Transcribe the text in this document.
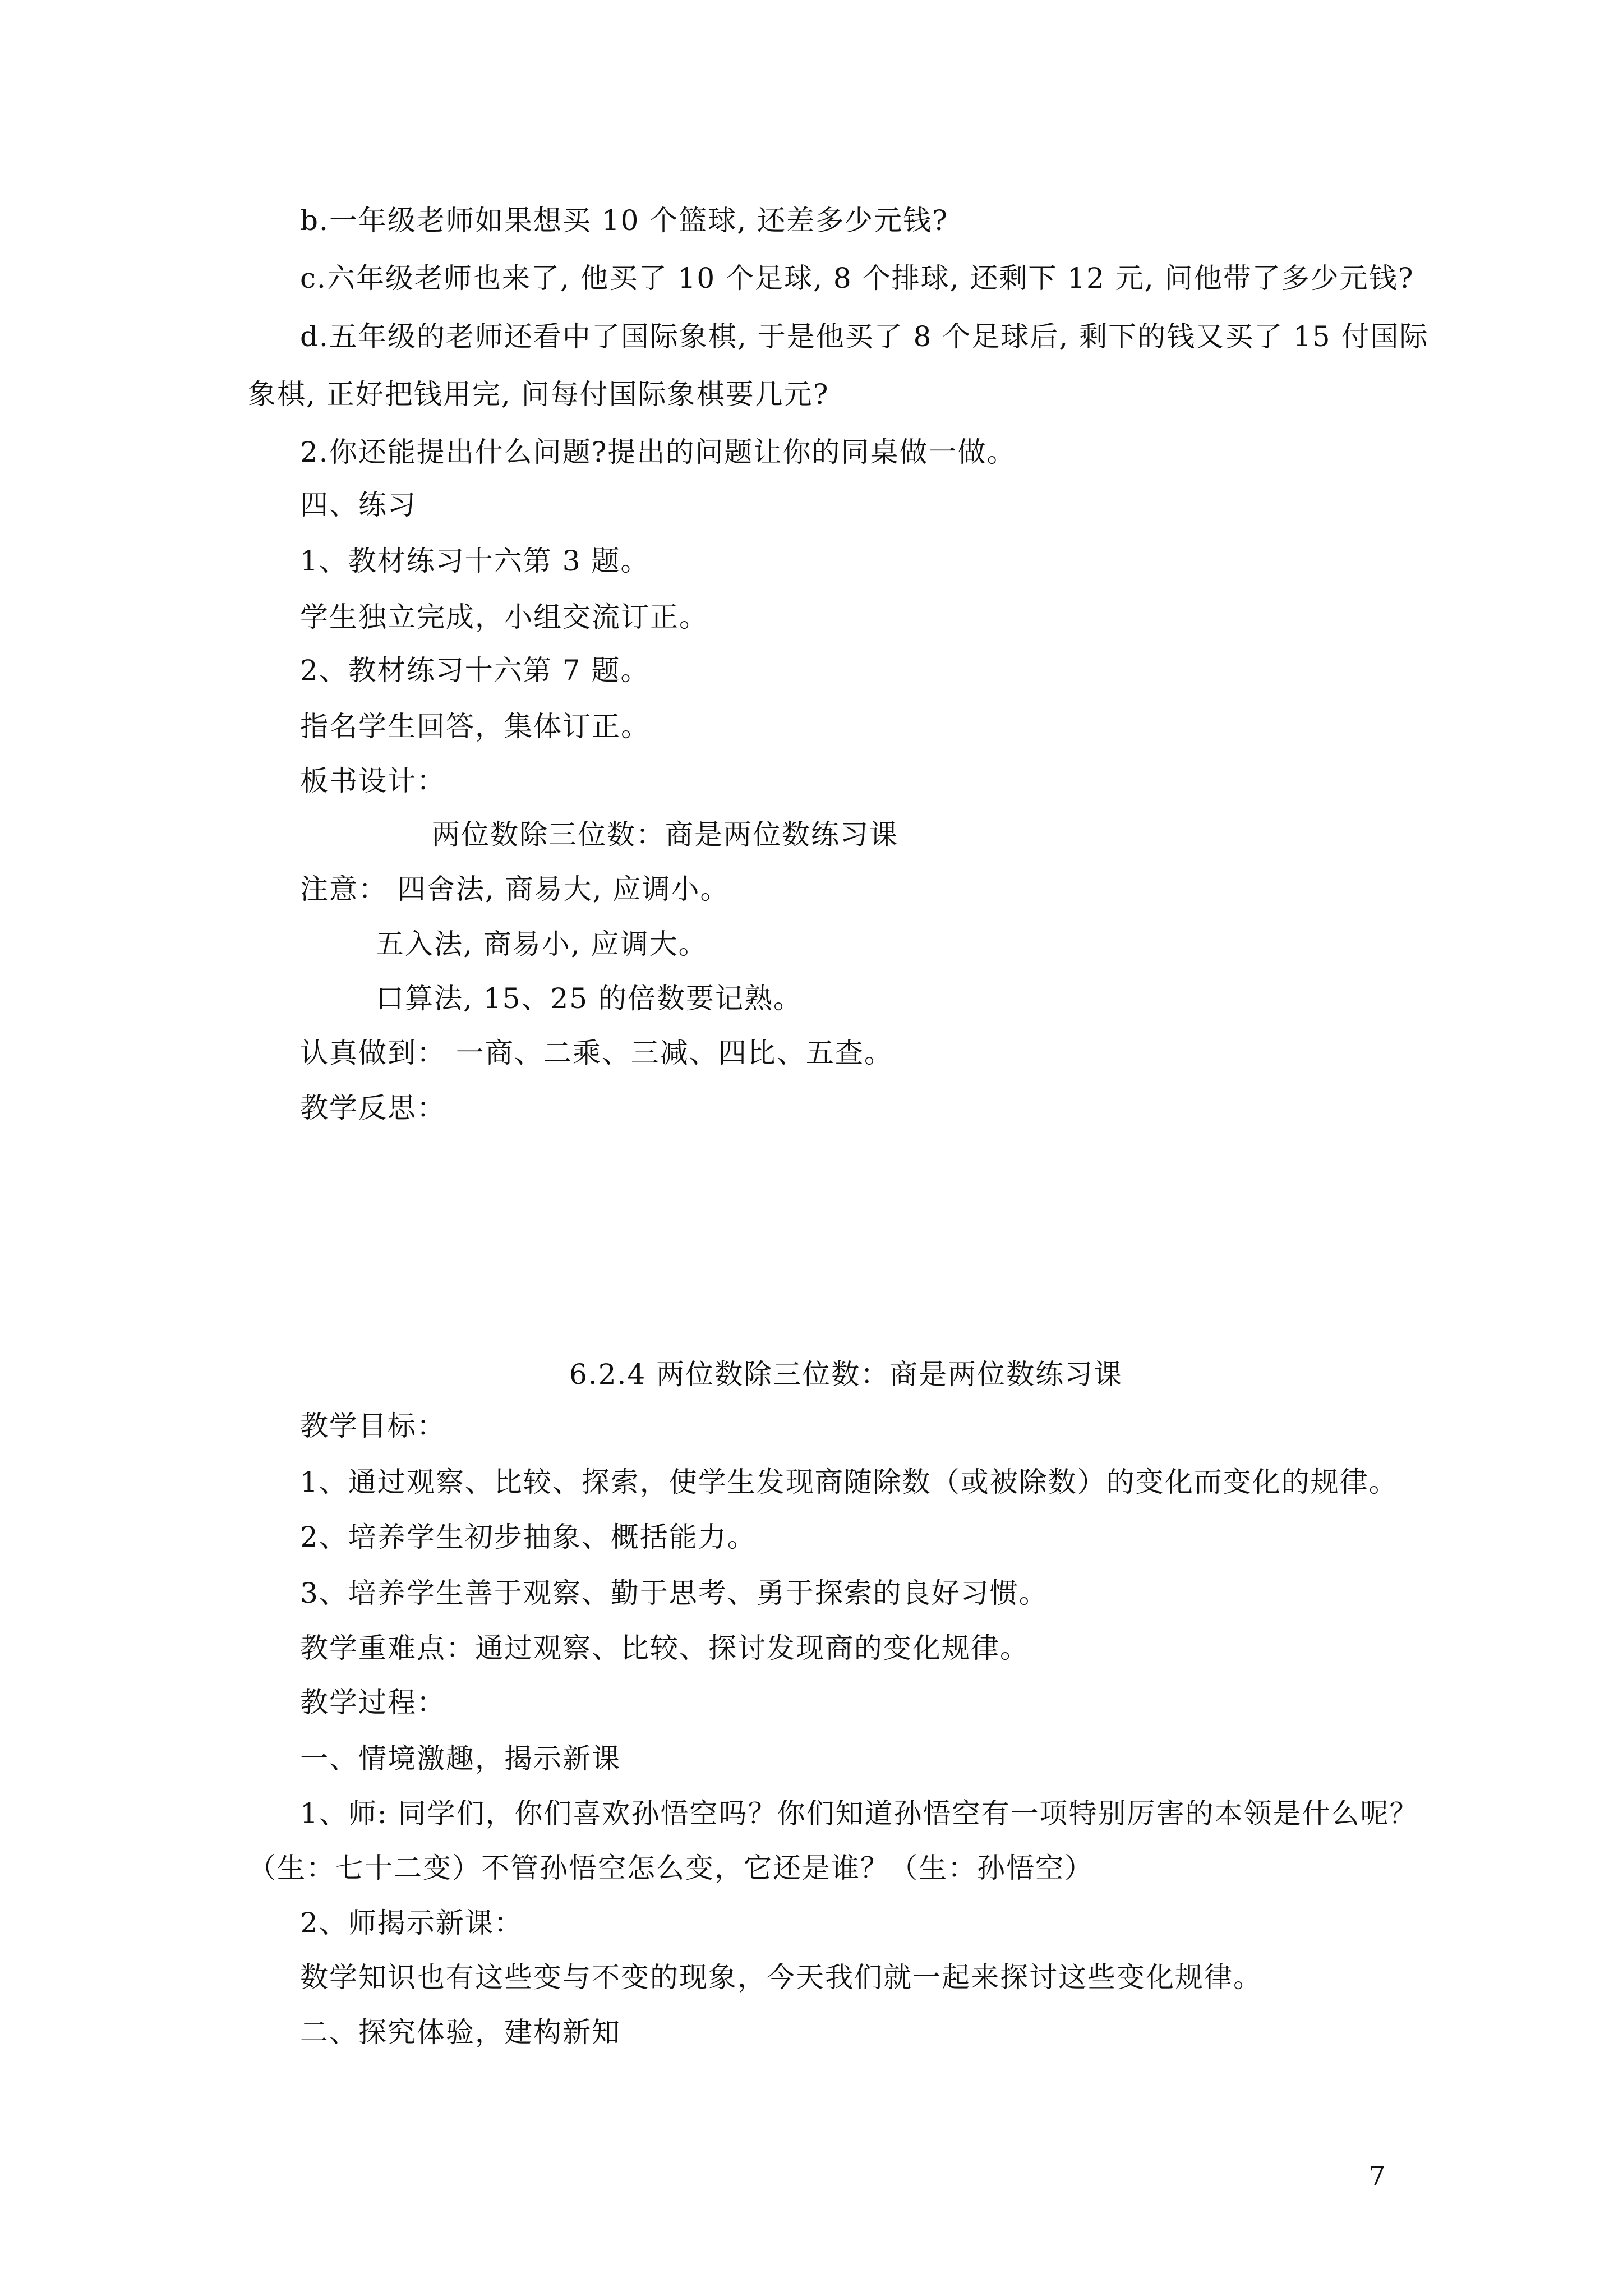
b.一年级老师如果想买 10 个篮球, 还差多少元钱?
c.六年级老师也来了, 他买了 10 个足球, 8 个排球, 还剩下 12 元, 问他带了多少元钱?
d.五年级的老师还看中了国际象棋, 于是他买了 8 个足球后, 剩下的钱又买了 15 付国际
象棋, 正好把钱用完, 问每付国际象棋要几元?
2.你还能提出什么问题?提出的问题让你的同桌做一做。
四、练习
1、教材练习十六第 3 题。
学生独立完成，小组交流订正。
2、教材练习十六第 7 题。
指名学生回答，集体订正。
板书设计：
两位数除三位数：商是两位数练习课
注意： 四舍法, 商易大, 应调小。
五入法, 商易小, 应调大。
口算法, 15、25 的倍数要记熟。
认真做到： 一商、二乘、三减、四比、五查。
教学反思：
6.2.4 两位数除三位数：商是两位数练习课
教学目标：
1、通过观察、比较、探索，使学生发现商随除数（或被除数）的变化而变化的规律。
2、培养学生初步抽象、概括能力。
3、培养学生善于观察、勤于思考、勇于探索的良好习惯。
教学重难点：通过观察、比较、探讨发现商的变化规律。
教学过程：
一、情境激趣，揭示新课
1、师: 同学们，你们喜欢孙悟空吗？你们知道孙悟空有一项特别厉害的本领是什么呢？
（生：七十二变）不管孙悟空怎么变，它还是谁？（生：孙悟空）
2、师揭示新课：
数学知识也有这些变与不变的现象，今天我们就一起来探讨这些变化规律。
二、探究体验，建构新知
7
